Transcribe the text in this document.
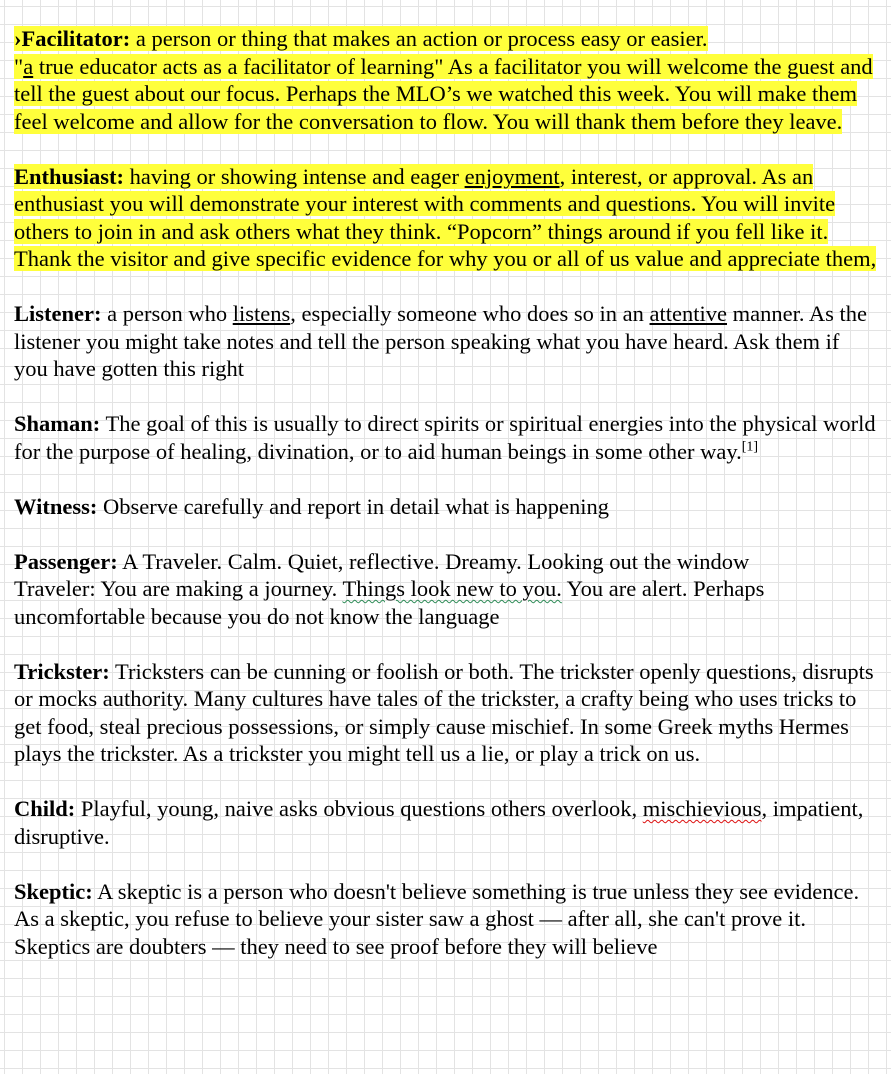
›Facilitator: a person or thing that makes an action or process easy or easier.
"a true educator acts as a facilitator of learning" As a facilitator you will welcome the guest and tell the guest about our focus. Perhaps the MLO’s we watched this week. You will make them feel welcome and allow for the conversation to flow. You will thank them before they leave.

Enthusiast: having or showing intense and eager enjoyment, interest, or approval. As an enthusiast you will demonstrate your interest with comments and questions. You will invite others to join in and ask others what they think. “Popcorn” things around if you fell like it. Thank the visitor and give specific evidence for why you or all of us value and appreciate them,

Listener: a person who listens, especially someone who does so in an attentive manner. As the listener you might take notes and tell the person speaking what you have heard. Ask them if you have gotten this right

Shaman: The goal of this is usually to direct spirits or spiritual energies into the physical world for the purpose of healing, divination, or to aid human beings in some other way.[1]

Witness: Observe carefully and report in detail what is happening

Passenger: A Traveler. Calm. Quiet, reflective. Dreamy. Looking out the window
Traveler: You are making a journey. Things look new to you. You are alert. Perhaps uncomfortable because you do not know the language

Trickster: Tricksters can be cunning or foolish or both. The trickster openly questions, disrupts or mocks authority. Many cultures have tales of the trickster, a crafty being who uses tricks to get food, steal precious possessions, or simply cause mischief. In some Greek myths Hermes plays the trickster. As a trickster you might tell us a lie, or play a trick on us.

Child: Playful, young, naive asks obvious questions others overlook, mischievious, impatient, disruptive.

Skeptic: A skeptic is a person who doesn't believe something is true unless they see evidence. As a skeptic, you refuse to believe your sister saw a ghost — after all, she can't prove it. Skeptics are doubters — they need to see proof before they will believe
